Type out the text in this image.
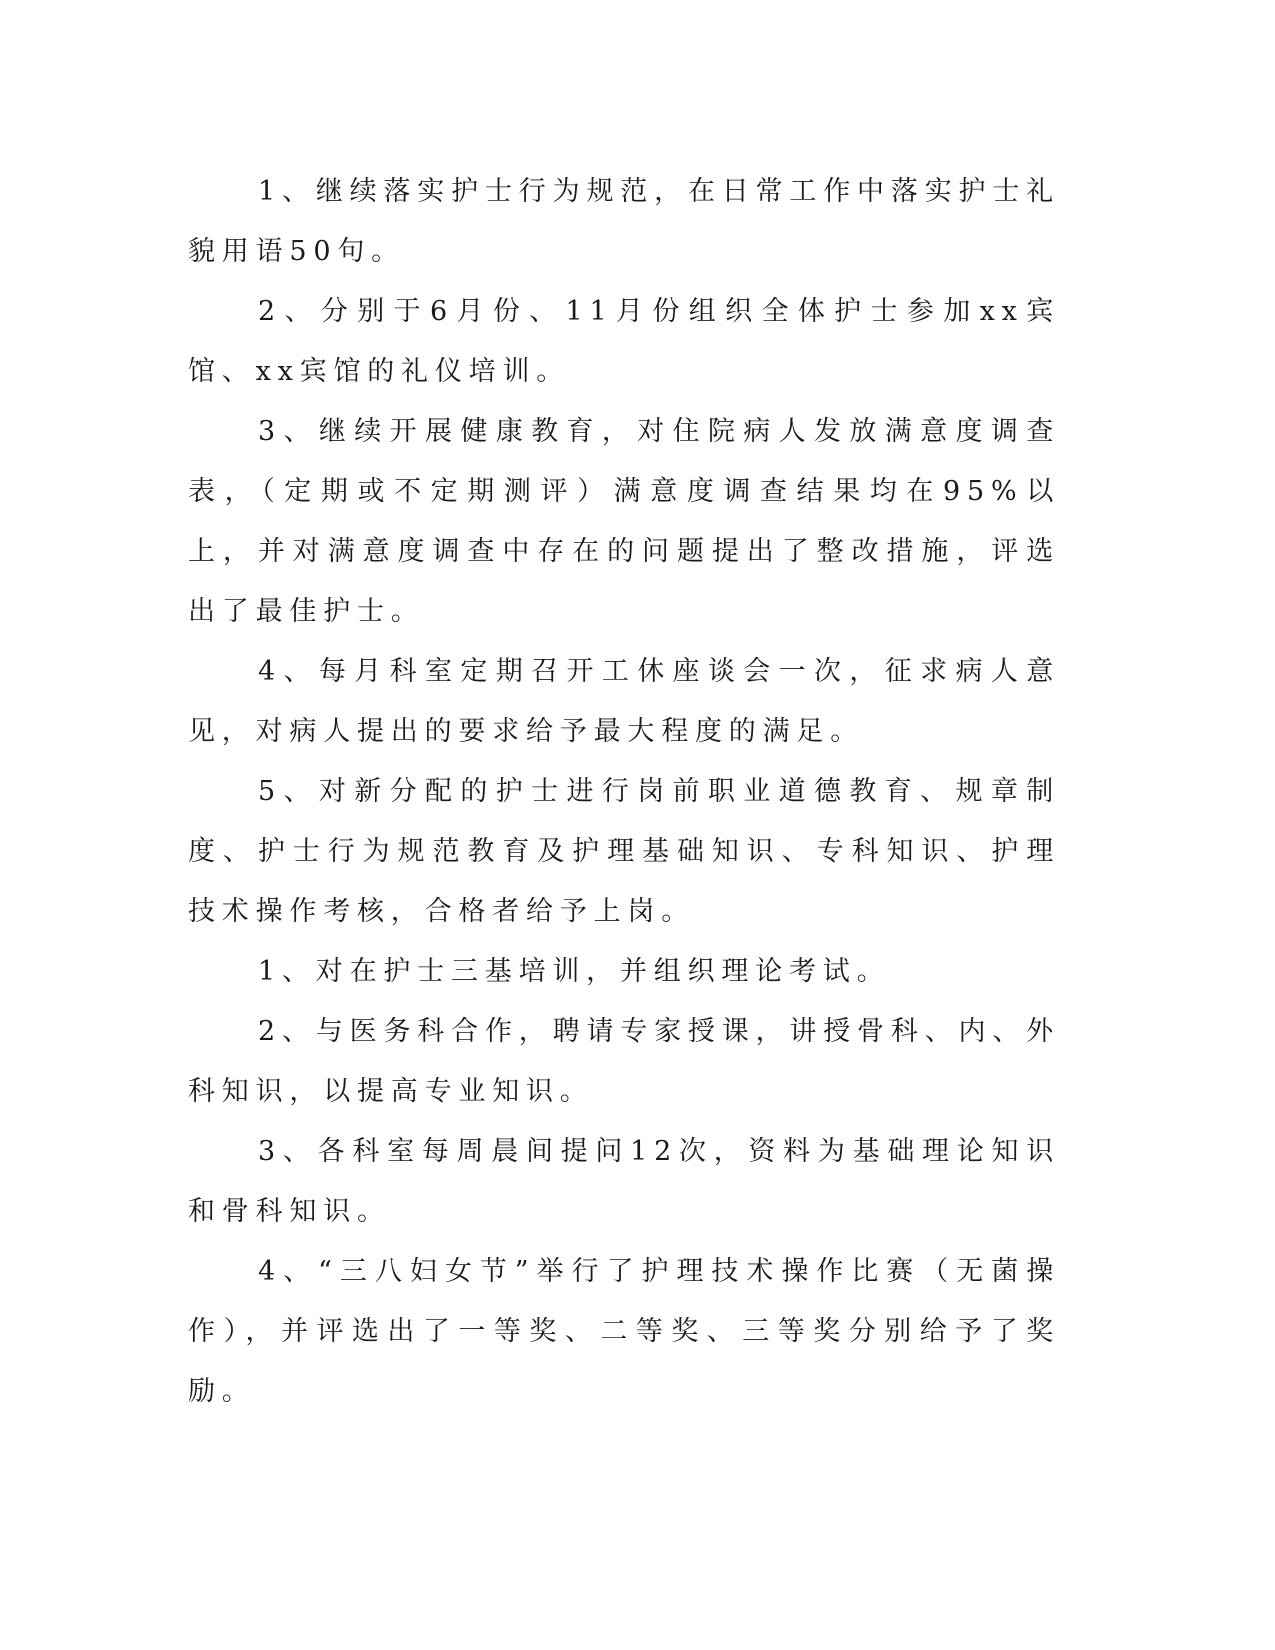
1、继续落实护士行为规范，在日常工作中落实护士礼貌用语50句。

2、分别于6月份、11月份组织全体护士参加xx宾馆、xx宾馆的礼仪培训。

3、继续开展健康教育，对住院病人发放满意度调查表，（定期或不定期测评）满意度调查结果均在95%以上，并对满意度调查中存在的问题提出了整改措施，评选出了最佳护士。

4、每月科室定期召开工休座谈会一次，征求病人意见，对病人提出的要求给予最大程度的满足。

5、对新分配的护士进行岗前职业道德教育、规章制度、护士行为规范教育及护理基础知识、专科知识、护理技术操作考核，合格者给予上岗。

1、对在护士三基培训，并组织理论考试。

2、与医务科合作，聘请专家授课，讲授骨科、内、外科知识，以提高专业知识。

3、各科室每周晨间提问12次，资料为基础理论知识和骨科知识。

4、“三八妇女节”举行了护理技术操作比赛（无菌操作），并评选出了一等奖、二等奖、三等奖分别给予了奖励。
